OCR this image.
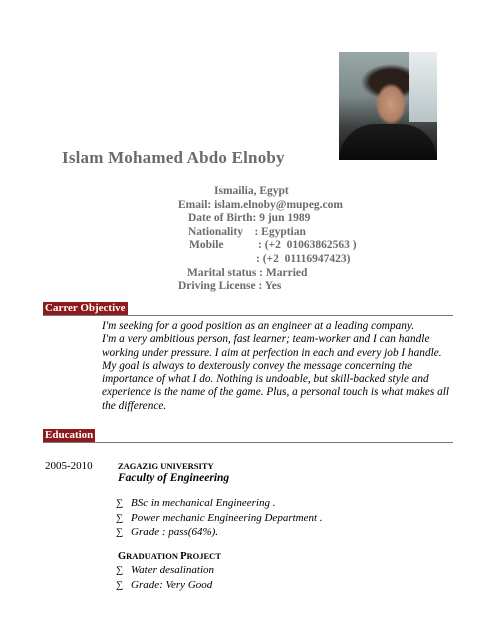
Islam Mohamed Abdo Elnoby
Ismailia, Egypt
Email: islam.elnoby@mupeg.com
Date of Birth: 9 jun 1989
Nationality    : Egyptian
Mobile            : (+2  01063862563 )
: (+2  01116947423)
Marital status : Married
Driving License : Yes
Carrer Objective
I'm seeking for a good position as an engineer at a leading company.
I'm a very ambitious person, fast learner; team-worker and I can handle
working under pressure. I aim at perfection in each and every job I handle.
My goal is always to dexterously convey the message concerning the
importance of what I do. Nothing is undoable, but skill-backed style and
experience is the name of the game. Plus, a personal touch is what makes all
the difference.
Education
2005-2010	ZAGAZIG UNIVERSITY
Faculty of Engineering
∑ BSc in mechanical Engineering .
∑ Power mechanic Engineering Department .
∑ Grade : pass(64%).
GRADUATION PROJECT
∑ Water desalination
∑ Grade: Very Good
